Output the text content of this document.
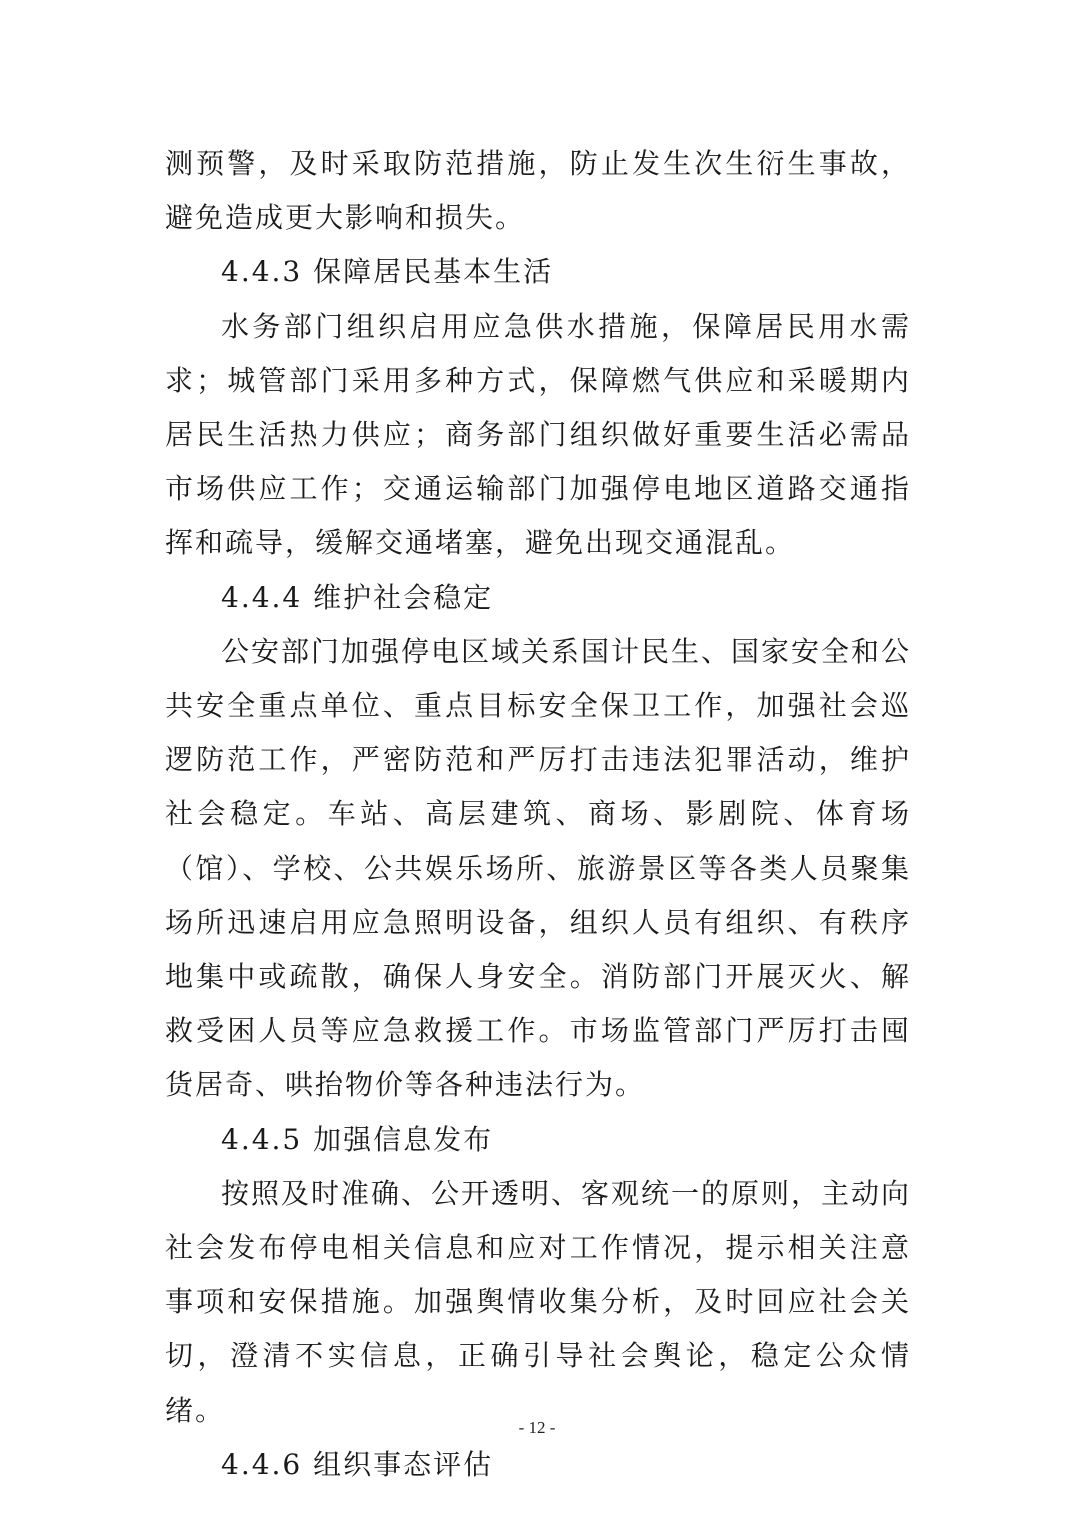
测预警，及时采取防范措施，防止发生次生衍生事故，避免造成更大影响和损失。

4.4.3 保障居民基本生活

水务部门组织启用应急供水措施，保障居民用水需求；城管部门采用多种方式，保障燃气供应和采暖期内居民生活热力供应；商务部门组织做好重要生活必需品市场供应工作；交通运输部门加强停电地区道路交通指挥和疏导，缓解交通堵塞，避免出现交通混乱。

4.4.4 维护社会稳定

公安部门加强停电区域关系国计民生、国家安全和公共安全重点单位、重点目标安全保卫工作，加强社会巡逻防范工作，严密防范和严厉打击违法犯罪活动，维护社会稳定。车站、高层建筑、商场、影剧院、体育场（馆）、学校、公共娱乐场所、旅游景区等各类人员聚集场所迅速启用应急照明设备，组织人员有组织、有秩序地集中或疏散，确保人身安全。消防部门开展灭火、解救受困人员等应急救援工作。市场监管部门严厉打击囤货居奇、哄抬物价等各种违法行为。

4.4.5 加强信息发布

按照及时准确、公开透明、客观统一的原则，主动向社会发布停电相关信息和应对工作情况，提示相关注意事项和安保措施。加强舆情收集分析，及时回应社会关切，澄清不实信息，正确引导社会舆论，稳定公众情绪。

4.4.6 组织事态评估

- 12 -
